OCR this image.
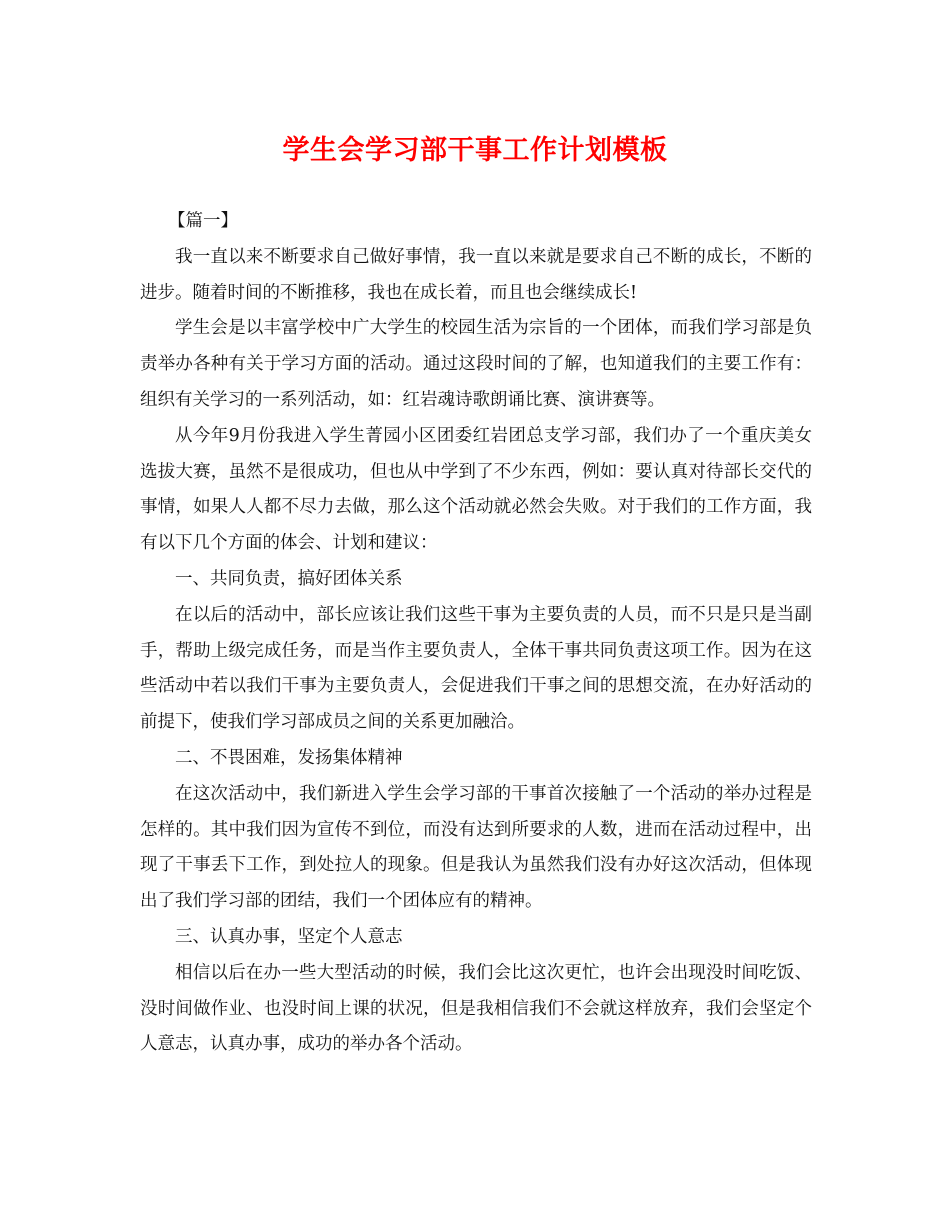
学生会学习部干事工作计划模板

【篇一】

我一直以来不断要求自己做好事情，我一直以来就是要求自己不断的成长，不断的进步。随着时间的不断推移，我也在成长着，而且也会继续成长!

学生会是以丰富学校中广大学生的校园生活为宗旨的一个团体，而我们学习部是负责举办各种有关于学习方面的活动。通过这段时间的了解，也知道我们的主要工作有：组织有关学习的一系列活动，如：红岩魂诗歌朗诵比赛、演讲赛等。

从今年9月份我进入学生菁园小区团委红岩团总支学习部，我们办了一个重庆美女选拔大赛，虽然不是很成功，但也从中学到了不少东西，例如：要认真对待部长交代的事情，如果人人都不尽力去做，那么这个活动就必然会失败。对于我们的工作方面，我有以下几个方面的体会、计划和建议：

一、共同负责，搞好团体关系

在以后的活动中，部长应该让我们这些干事为主要负责的人员，而不只是只是当副手，帮助上级完成任务，而是当作主要负责人，全体干事共同负责这项工作。因为在这些活动中若以我们干事为主要负责人，会促进我们干事之间的思想交流，在办好活动的前提下，使我们学习部成员之间的关系更加融洽。

二、不畏困难，发扬集体精神

在这次活动中，我们新进入学生会学习部的干事首次接触了一个活动的举办过程是怎样的。其中我们因为宣传不到位，而没有达到所要求的人数，进而在活动过程中，出现了干事丢下工作，到处拉人的现象。但是我认为虽然我们没有办好这次活动，但体现出了我们学习部的团结，我们一个团体应有的精神。

三、认真办事，坚定个人意志

相信以后在办一些大型活动的时候，我们会比这次更忙，也许会出现没时间吃饭、没时间做作业、也没时间上课的状况，但是我相信我们不会就这样放弃，我们会坚定个人意志，认真办事，成功的举办各个活动。
